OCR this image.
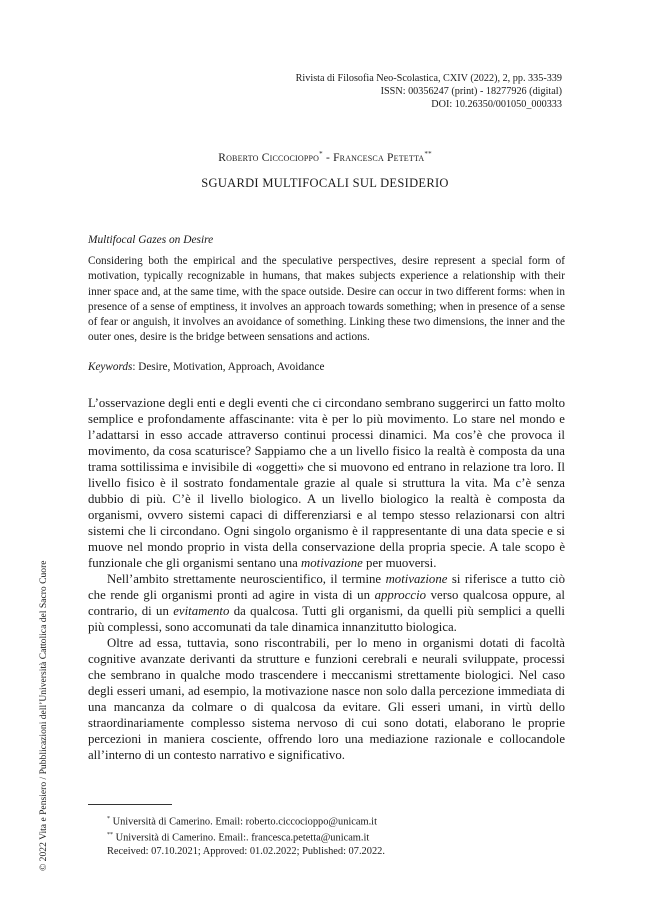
Rivista di Filosofia Neo-Scolastica, CXIV (2022), 2, pp. 335-339
ISSN: 00356247 (print) - 18277926 (digital)
DOI: 10.26350/001050_000333
Roberto Ciccocioppo* - Francesca Petetta**
SGUARDI MULTIFOCALI SUL DESIDERIO
Multifocal Gazes on Desire

Considering both the empirical and the speculative perspectives, desire represent a special form of motivation, typically recognizable in humans, that makes subjects experience a relationship with their inner space and, at the same time, with the space outside. Desire can occur in two different forms: when in presence of a sense of emptiness, it involves an approach towards something; when in presence of a sense of fear or anguish, it involves an avoidance of something. Linking these two dimensions, the inner and the outer ones, desire is the bridge between sensations and actions.

Keywords: Desire, Motivation, Approach, Avoidance

L’osservazione degli enti e degli eventi che ci circondano sembrano suggerirci un fatto molto semplice e profondamente affascinante: vita è per lo più movimento. Lo stare nel mondo e l’adattarsi in esso accade attraverso continui processi dinamici. Ma cos’è che provoca il movimento, da cosa scaturisce? Sappiamo che a un livello fisico la realtà è composta da una trama sottilissima e invisibile di «oggetti» che si muovono ed entrano in relazione tra loro. Il livello fisico è il sostrato fondamentale grazie al quale si struttura la vita. Ma c’è senza dubbio di più. C’è il livello biologico. A un livello biologico la realtà è composta da organismi, ovvero sistemi capaci di differenziarsi e al tempo stesso relazionarsi con altri sistemi che li circondano. Ogni singolo organismo è il rappresentante di una data specie e si muove nel mondo proprio in vista della conservazione della propria specie. A tale scopo è funzionale che gli organismi sentano una motivazione per muoversi.

Nell’ambito strettamente neuroscientifico, il termine motivazione si riferisce a tutto ciò che rende gli organismi pronti ad agire in vista di un approccio verso qualcosa oppure, al contrario, di un evitamento da qualcosa. Tutti gli organismi, da quelli più semplici a quelli più complessi, sono accomunati da tale dinamica innanzitutto biologica.

Oltre ad essa, tuttavia, sono riscontrabili, per lo meno in organismi dotati di facoltà cognitive avanzate derivanti da strutture e funzioni cerebrali e neurali sviluppate, processi che sembrano in qualche modo trascendere i meccanismi strettamente biologici. Nel caso degli esseri umani, ad esempio, la motivazione nasce non solo dalla percezione immediata di una mancanza da colmare o di qualcosa da evitare. Gli esseri umani, in virtù dello straordinariamente complesso sistema nervoso di cui sono dotati, elaborano le proprie percezioni in maniera cosciente, offrendo loro una mediazione razionale e collocandole all’interno di un contesto narrativo e significativo.

* Università di Camerino. Email: roberto.ciccocioppo@unicam.it
** Università di Camerino. Email:. francesca.petetta@unicam.it
Received: 07.10.2021; Approved: 01.02.2022; Published: 07.2022.
© 2022 Vita e Pensiero / Pubblicazioni dell’Università Cattolica del Sacro Cuore
